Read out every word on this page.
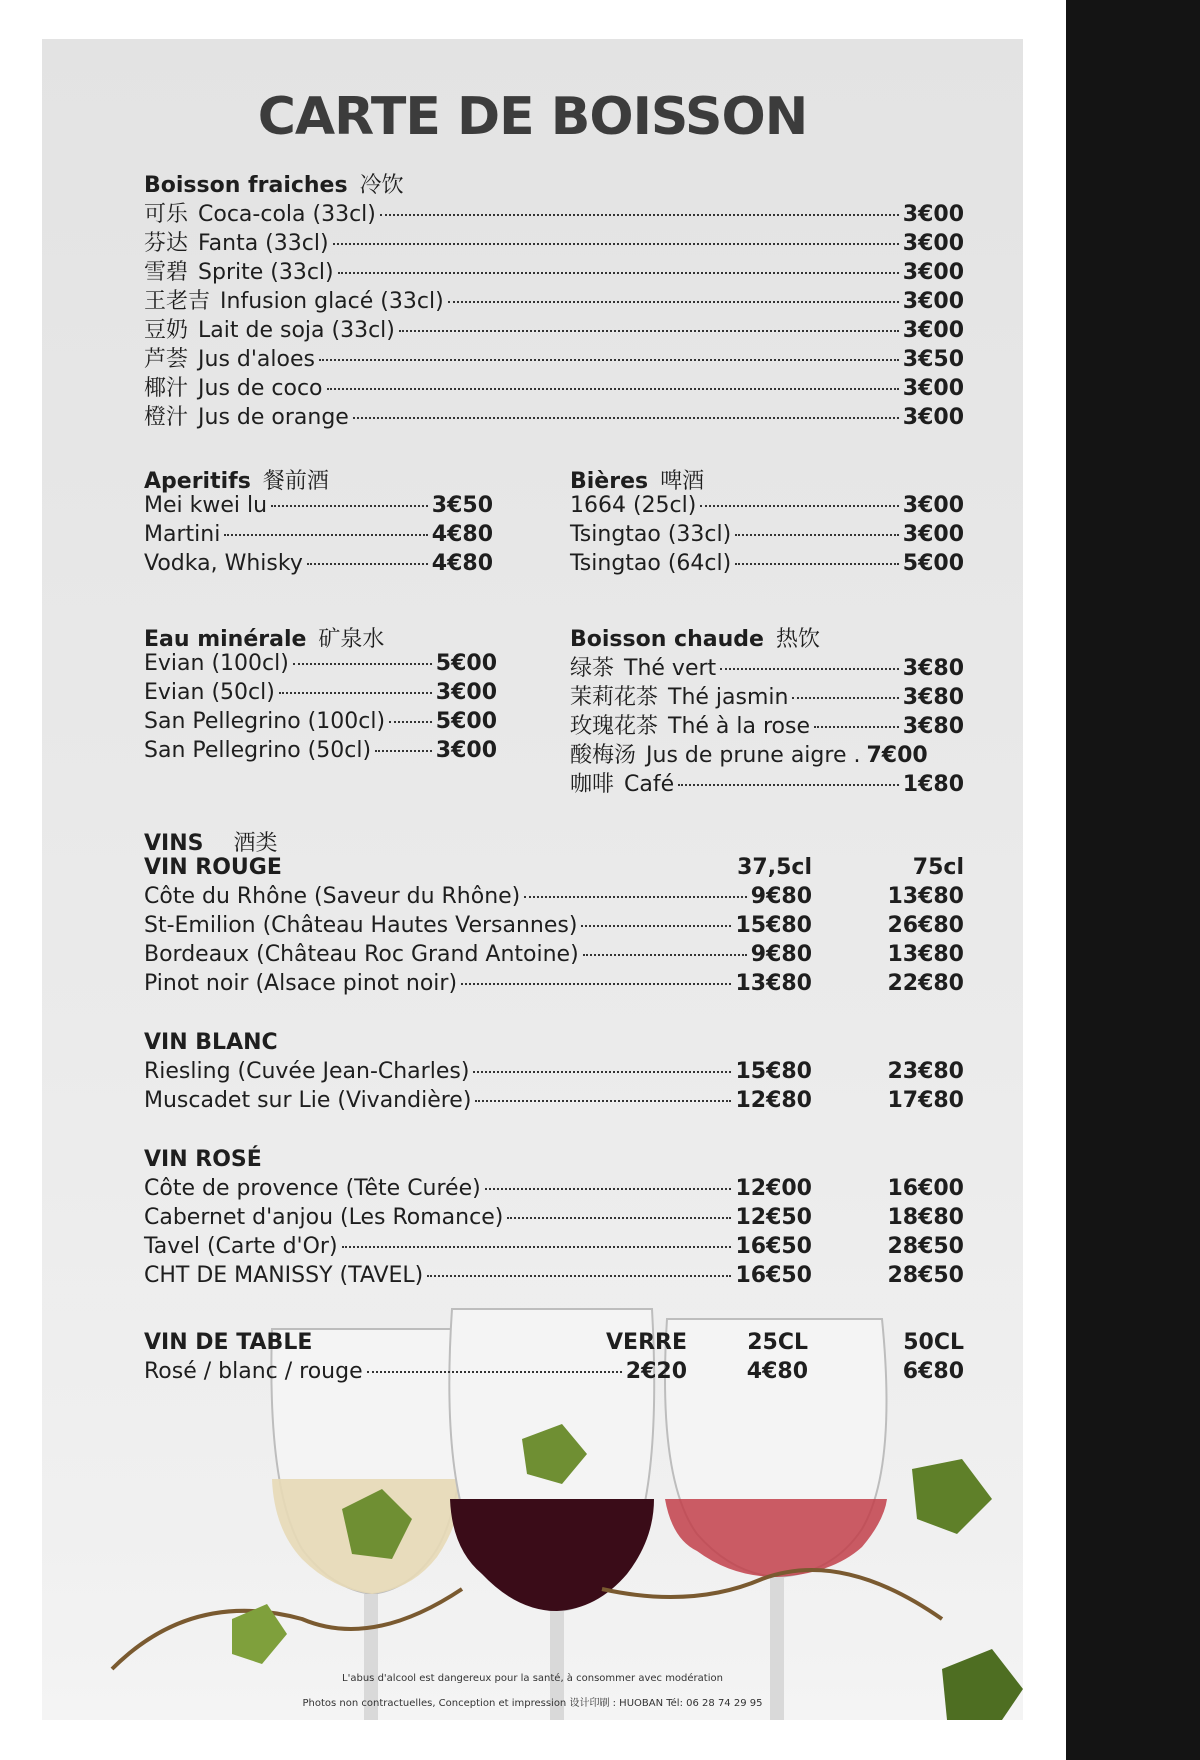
CARTE DE BOISSON
Boisson fraiches 冷饮
可乐 Coca-cola (33cl)	3€00
芬达 Fanta (33cl)	3€00
雪碧 Sprite (33cl)	3€00
王老吉 Infusion glacé (33cl)	3€00
豆奶 Lait de soja (33cl)	3€00
芦荟 Jus d'aloes	3€50
椰汁 Jus de coco	3€00
橙汁 Jus de orange	3€00
Aperitifs 餐前酒
Mei kwei lu	3€50
Martini	4€80
Vodka, Whisky	4€80
Bières 啤酒
1664 (25cl)	3€00
Tsingtao (33cl)	3€00
Tsingtao (64cl)	5€00
Eau minérale 矿泉水
Evian (100cl)	5€00
Evian (50cl)	3€00
San Pellegrino (100cl) 5€00
San Pellegrino (50cl)	3€00
Boisson chaude 热饮
绿茶 Thé vert	3€80
茉莉花茶 Thé jasmin	3€80
玫瑰花茶 Thé à la rose	3€80
酸梅汤 Jus de prune aigre . 7€00
咖啡 Café	1€80
VINS 酒类
VIN ROUGE	37,5cl	75cl
Côte du Rhône (Saveur du Rhône)	9€80	13€80
St-Emilion (Château Hautes Versannes)	15€80	26€80
Bordeaux (Château Roc Grand Antoine)	9€80	13€80
Pinot noir (Alsace pinot noir)	13€80	22€80
VIN BLANC
Riesling (Cuvée Jean-Charles)	15€80	23€80
Muscadet sur Lie (Vivandière)	12€80	17€80
VIN ROSÉ
Côte de provence (Tête Curée)	12€00	16€00
Cabernet d'anjou (Les Romance)	12€50	18€80
Tavel (Carte d'Or)	16€50	28€50
CHT DE MANISSY (TAVEL)	16€50	28€50
VIN DE TABLE	VERRE	25CL	50CL
Rosé / blanc / rouge	2€20	4€80	6€80
L'abus d'alcool est dangereux pour la santé, à consommer avec modération
Photos non contractuelles, Conception et impression 设计印刷 : HUOBAN Tél: 06 28 74 29 95
